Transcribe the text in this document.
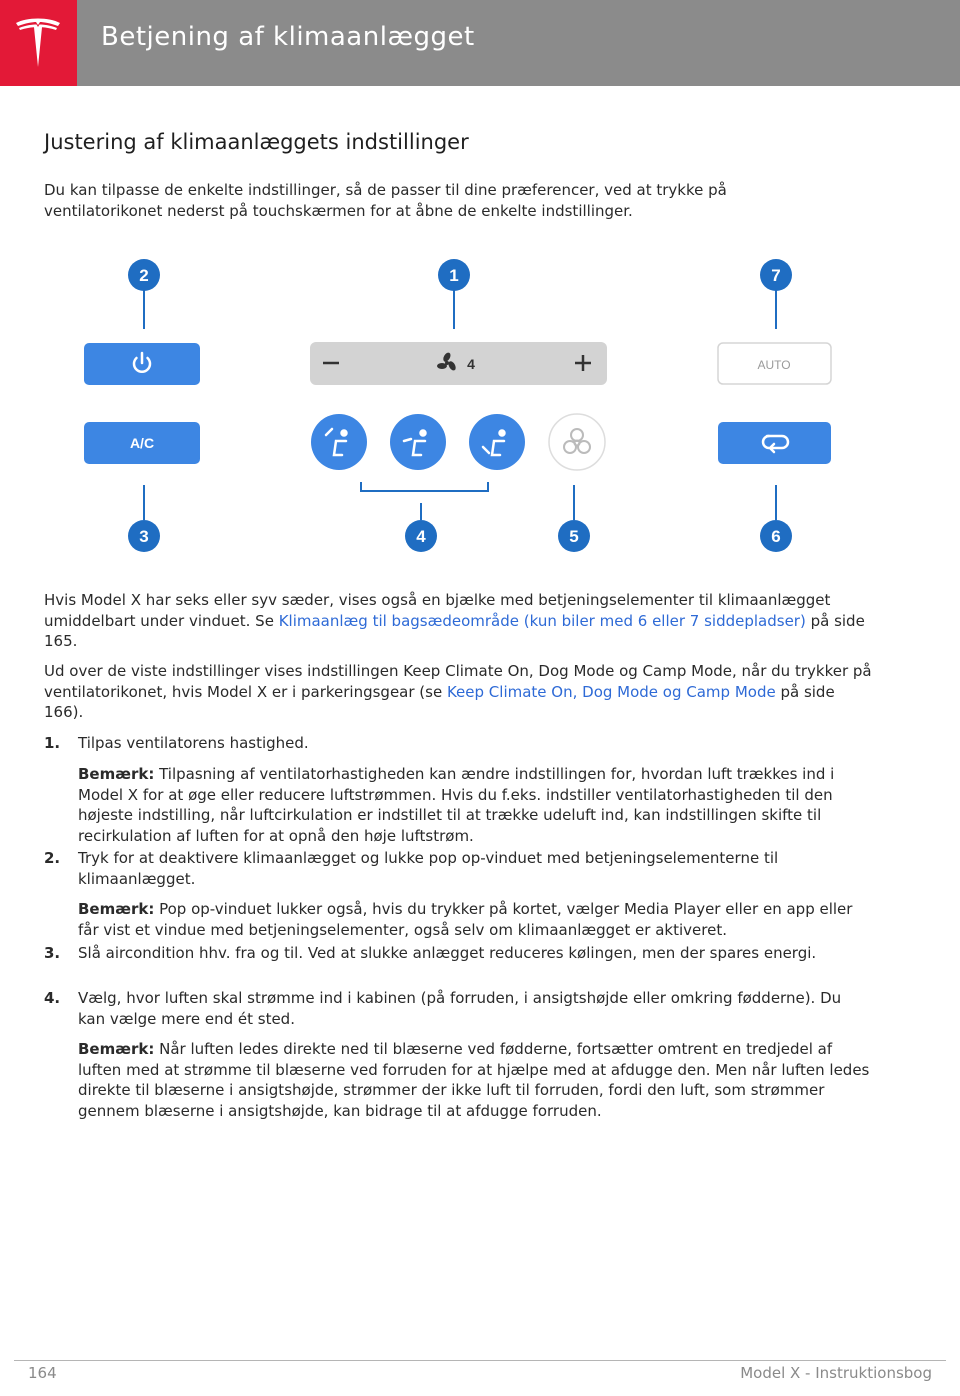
Betjening af klimaanlægget
Justering af klimaanlæggets indstillinger

Du kan tilpasse de enkelte indstillinger, så de passer til dine præferencer, ved at trykke på ventilatorikonet nederst på touchskærmen for at åbne de enkelte indstillinger.

2	1	7
3	4	5	6
A/C
4	AUTO

Hvis Model X har seks eller syv sæder, vises også en bjælke med betjeningselementer til klimaanlægget umiddelbart under vinduet. Se Klimaanlæg til bagsædeområde (kun biler med 6 eller 7 siddepladser) på side 165.

Ud over de viste indstillinger vises indstillingen Keep Climate On, Dog Mode og Camp Mode, når du trykker på ventilatorikonet, hvis Model X er i parkeringsgear (se Keep Climate On, Dog Mode og Camp Mode på side 166).

1. Tilpas ventilatorens hastighed.

Bemærk: Tilpasning af ventilatorhastigheden kan ændre indstillingen for, hvordan luft trækkes ind i Model X for at øge eller reducere luftstrømmen. Hvis du f.eks. indstiller ventilatorhastigheden til den højeste indstilling, når luftcirkulation er indstillet til at trække udeluft ind, kan indstillingen skifte til recirkulation af luften for at opnå den høje luftstrøm.

2. Tryk for at deaktivere klimaanlægget og lukke pop op-vinduet med betjeningselementerne til klimaanlægget.

Bemærk: Pop op-vinduet lukker også, hvis du trykker på kortet, vælger Media Player eller en app eller får vist et vindue med betjeningselementer, også selv om klimaanlægget er aktiveret.

3. Slå aircondition hhv. fra og til. Ved at slukke anlægget reduceres kølingen, men der spares energi.
4. Vælg, hvor luften skal strømme ind i kabinen (på forruden, i ansigtshøjde eller omkring fødderne). Du kan vælge mere end ét sted.

Bemærk: Når luften ledes direkte ned til blæserne ved fødderne, fortsætter omtrent en tredjedel af luften med at strømme til blæserne ved forruden for at hjælpe med at afdugge den. Men når luften ledes direkte til blæserne i ansigtshøjde, strømmer der ikke luft til forruden, fordi den luft, som strømmer gennem blæserne i ansigtshøjde, kan bidrage til at afdugge forruden.

164	Model X - Instruktionsbog
